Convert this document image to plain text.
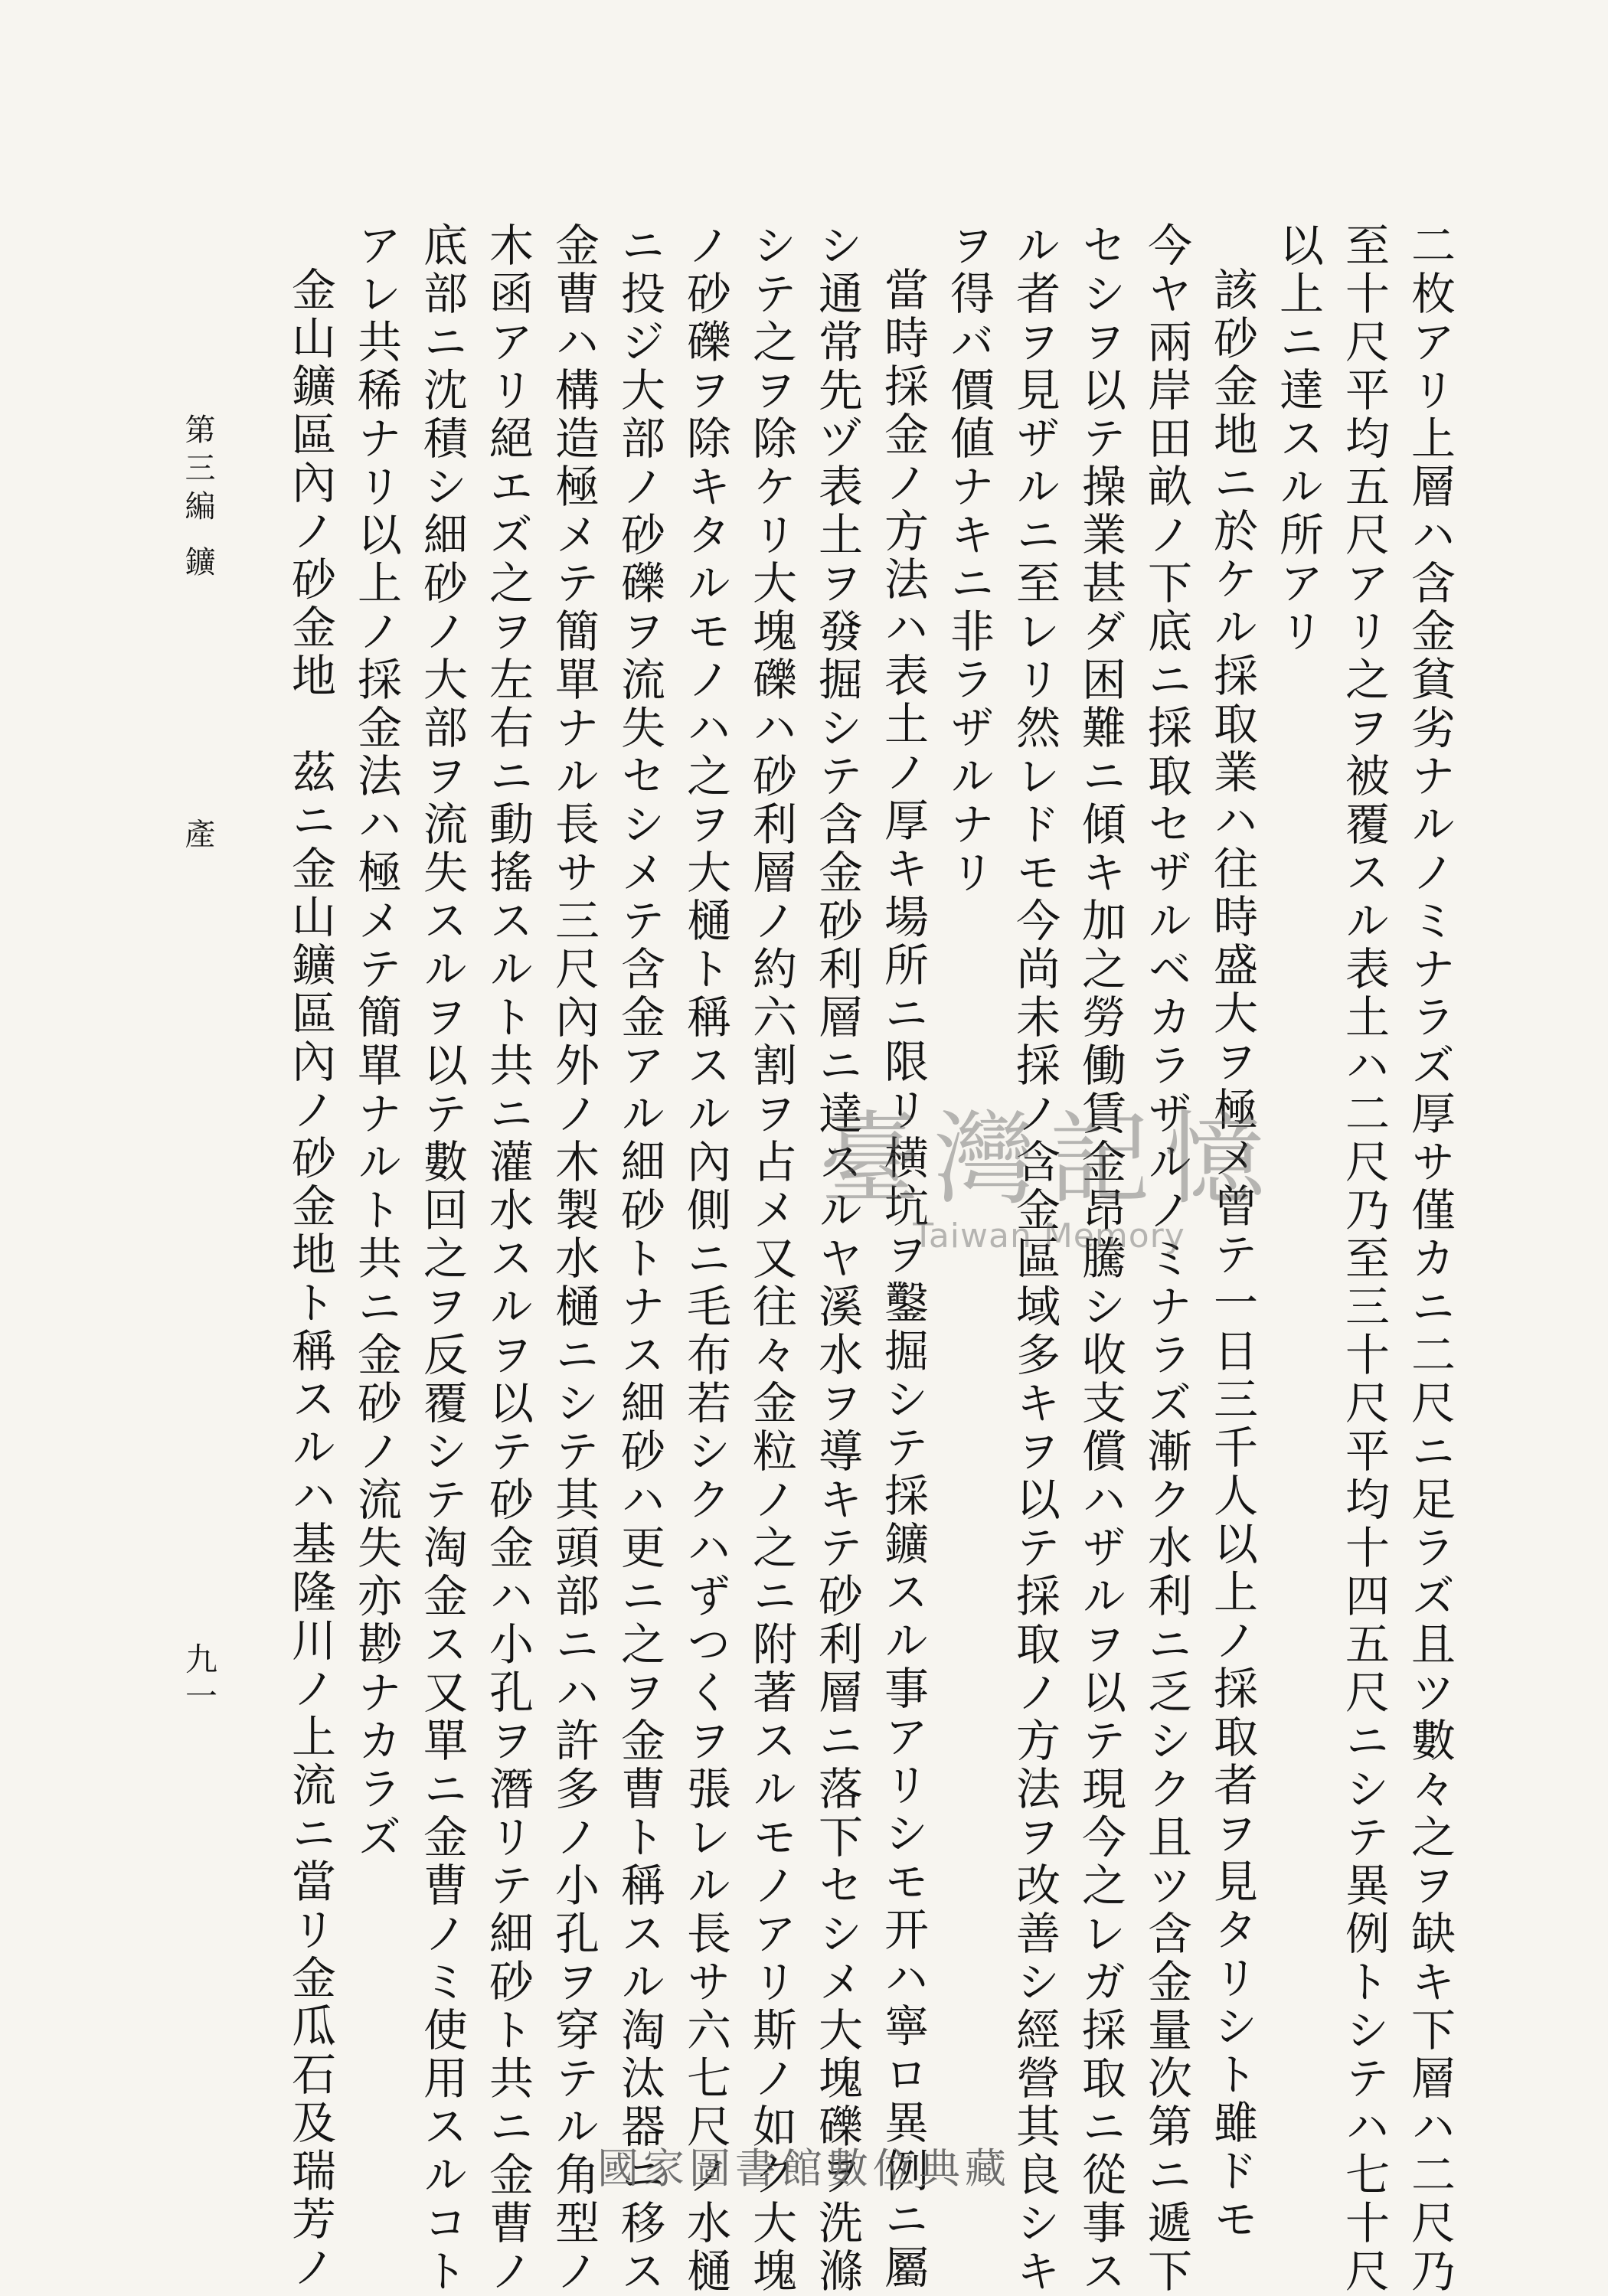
二枚アリ上層ハ含金貧劣ナルノミナラズ厚サ僅カニ二尺ニ足ラズ且ツ數々之ヲ缺キ下層ハ二尺乃
至十尺平均五尺アリ之ヲ被覆スル表土ハ二尺乃至三十尺平均十四五尺ニシテ異例トシテハ七十尺
以上ニ達スル所アリ
該砂金地ニ於ケル採取業ハ往時盛大ヲ極メ曾テ一日三千人以上ノ採取者ヲ見タリシト雖ドモ
今ヤ兩岸田畝ノ下底ニ採取セザルベカラザルノミナラズ漸ク水利ニ乏シク且ツ含金量次第ニ遞下
セシヲ以テ操業甚ダ困難ニ傾キ加之勞働賃金昂騰シ收支償ハザルヲ以テ現今之レガ採取ニ從事ス
ル者ヲ見ザルニ至レリ然レドモ今尚未採ノ含金區域多キヲ以テ採取ノ方法ヲ改善シ經營其良シキ
ヲ得バ價値ナキニ非ラザルナリ
當時採金ノ方法ハ表土ノ厚キ場所ニ限リ横坑ヲ鑿掘シテ採鑛スル事アリシモ开ハ寧ロ異例ニ屬
シ通常先ヅ表土ヲ發掘シテ含金砂利層ニ達スルヤ溪水ヲ導キテ砂利層ニ落下セシメ大塊礫ヲ洗滌
シテ之ヲ除ケリ大塊礫ハ砂利層ノ約六割ヲ占メ又往々金粒ノ之ニ附著スルモノアリ斯ノ如ク大塊
ノ砂礫ヲ除キタルモノハ之ヲ大樋ト稱スル內側ニ毛布若シクハずつくヲ張レル長サ六七尺ノ水樋
ニ投ジ大部ノ砂礫ヲ流失セシメテ含金アル細砂トナス細砂ハ更ニ之ヲ金曹ト稱スル淘汰器ニ移ス
金曹ハ構造極メテ簡單ナル長サ三尺內外ノ木製水樋ニシテ其頭部ニハ許多ノ小孔ヲ穿テル角型ノ
木函アリ絕エズ之ヲ左右ニ動搖スルト共ニ灌水スルヲ以テ砂金ハ小孔ヲ潛リテ細砂ト共ニ金曹ノ
底部ニ沈積シ細砂ノ大部ヲ流失スルヲ以テ數回之ヲ反覆シテ淘金ス又單ニ金曹ノミ使用スルコト
アレ共稀ナリ以上ノ採金法ハ極メテ簡單ナルト共ニ金砂ノ流失亦尠ナカラズ
金山鑛區內ノ砂金地　茲ニ金山鑛區內ノ砂金地ト稱スルハ基隆川ノ上流ニ當リ金瓜石及瑞芳ノ
第三編 鑛  產
九一
臺灣記憶
Taiwan Memory
國家圖書館數位典藏
